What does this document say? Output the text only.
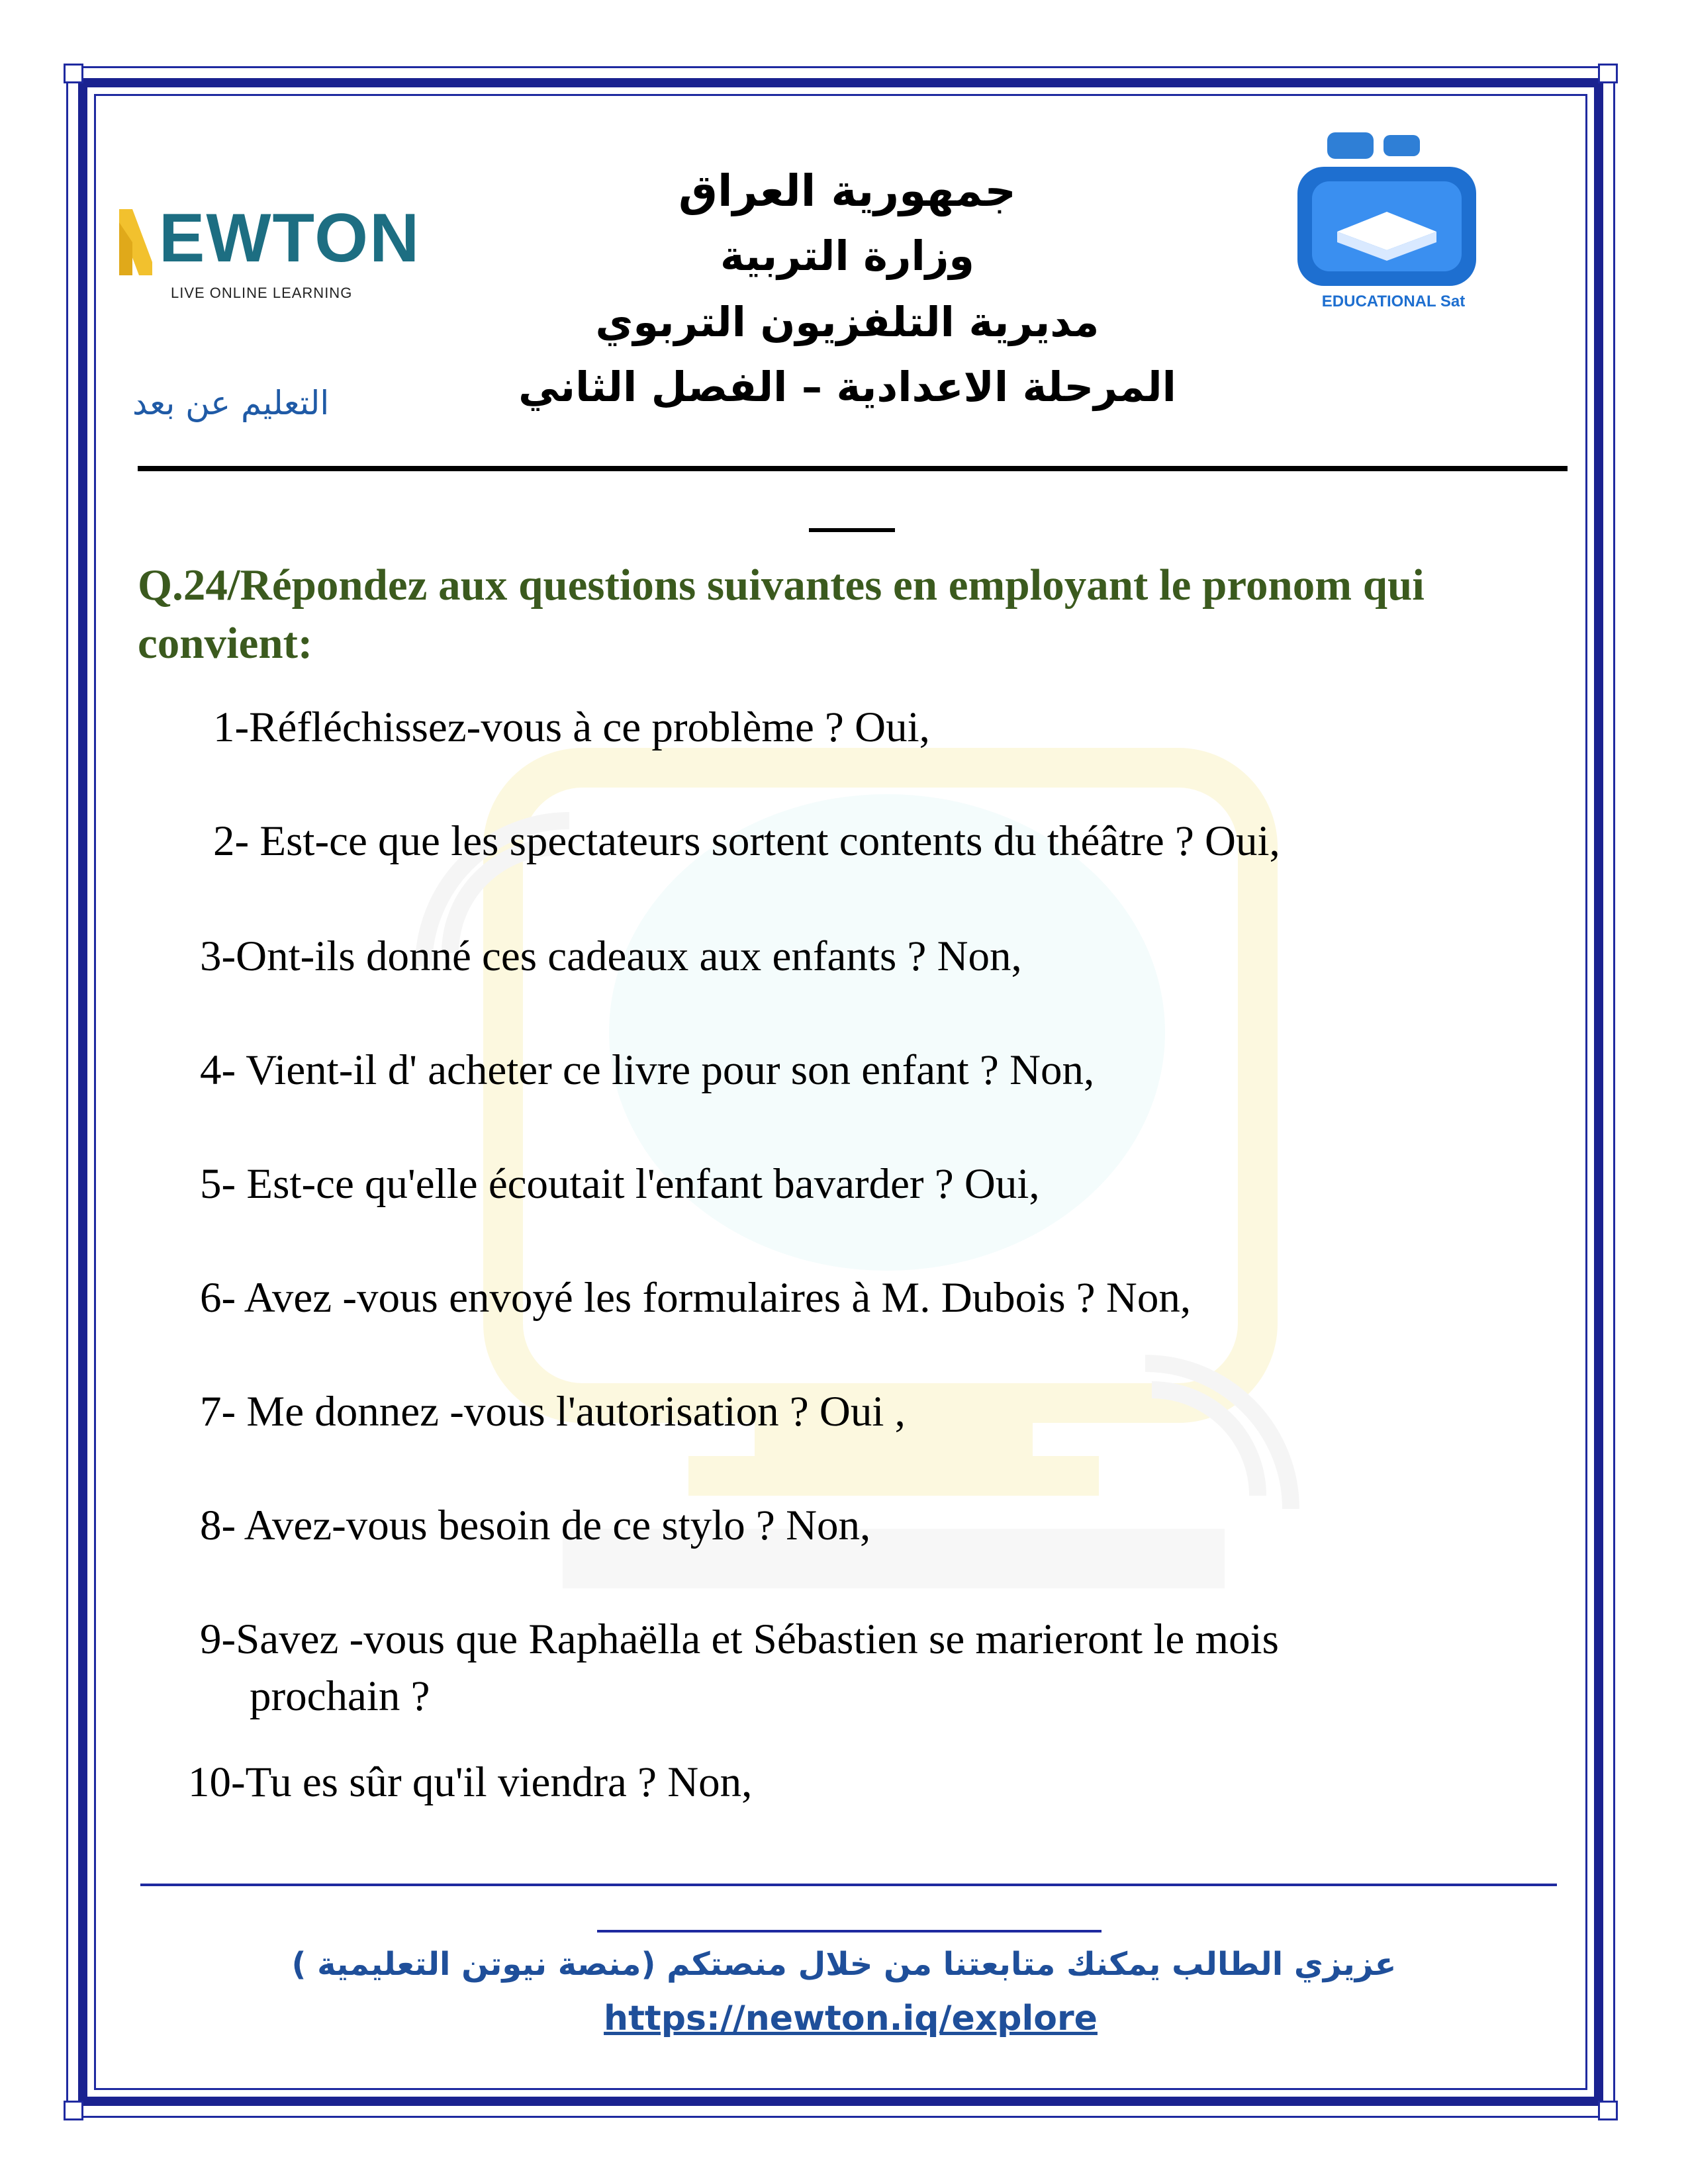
جمهورية العراق
وزارة التربية
مديرية التلفزيون التربوي
المرحلة الاعدادية – الفصل الثاني
EWTON
LIVE ONLINE LEARNING
التعليم عن بعد
EDUCATIONAL Sat
Q.24/Répondez aux questions suivantes en employant le pronom qui convient:
1-Réfléchissez-vous à ce problème ? Oui,
2- Est-ce que les spectateurs sortent contents du théâtre ? Oui,
3-Ont-ils donné ces cadeaux aux enfants ? Non,
4- Vient-il d' acheter ce livre pour son enfant ? Non,
5- Est-ce qu'elle écoutait l'enfant bavarder ? Oui,
6- Avez -vous envoyé les formulaires à M. Dubois ? Non,
7- Me donnez -vous l'autorisation ? Oui ,
8- Avez-vous besoin de ce stylo ? Non,
9-Savez -vous que Raphaëlla et Sébastien se marieront le mois
prochain ?
10-Tu es sûr qu'il viendra ? Non,
عزيزي الطالب يمكنك متابعتنا من خلال منصتكم (منصة نيوتن التعليمية )
https://newton.iq/explore
